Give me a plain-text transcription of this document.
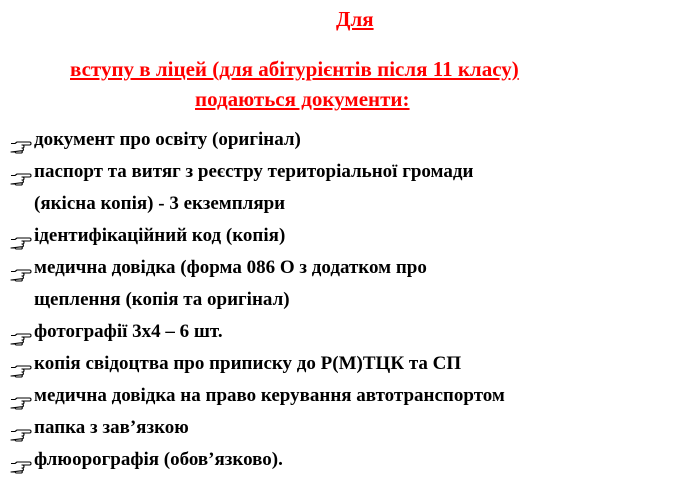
Для
вступу в ліцей (для абітурієнтів після 11 класу)
подаються документи:
документ про освіту (оригінал)
паспорт та витяг з реєстру територіальної громади
(якісна копія) - 3 екземпляри
ідентифікаційний код (копія)
медична довідка (форма 086 О з додатком про
щеплення (копія та оригінал)
фотографії 3х4 – 6 шт.
копія свідоцтва про приписку до Р(М)ТЦК та СП
медична довідка на право керування автотранспортом
папка з зав’язкою
флюорографія (обов’язково).
